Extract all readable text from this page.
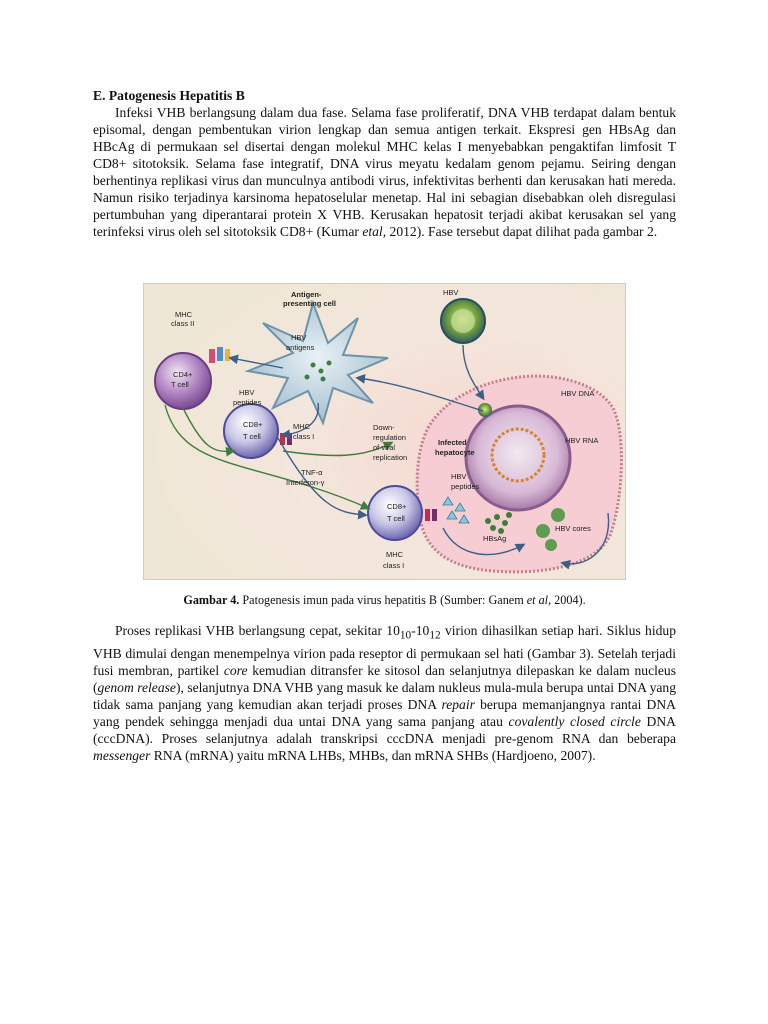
E. Patogenesis Hepatitis B

Infeksi VHB berlangsung dalam dua fase. Selama fase proliferatif, DNA VHB terdapat dalam bentuk episomal, dengan pembentukan virion lengkap dan semua antigen terkait. Ekspresi gen HBsAg dan HBcAg di permukaan sel disertai dengan molekul MHC kelas I menyebabkan pengaktifan limfosit T CD8+ sitotoksik. Selama fase integratif, DNA virus meyatu kedalam genom pejamu. Seiring dengan berhentinya replikasi virus dan munculnya antibodi virus, infektivitas berhenti dan kerusakan hati mereda. Namun risiko terjadinya karsinoma hepatoselular menetap. Hal ini sebagian disebabkan oleh disregulasi pertumbuhan yang diperantarai protein X VHB. Kerusakan hepatosit terjadi akibat kerusakan sel yang terinfeksi virus oleh sel sitotoksik CD8+ (Kumar etal, 2012). Fase tersebut dapat dilihat pada gambar 2.

Antigen-
presenting cell
MHC
class II
CD4+
T cell
HBV
antigens
HBV
peptides
CD8+
T cell
MHC
class I
Down-
regulation
of viral
replication
Infected
hepatocyte
HBV
HBV DNA
HBV RNA
HBV
peptides
HBsAg
HBV cores
TNF-α
Interferon-γ
CD8+
T cell
MHC
class I

Gambar 4. Patogenesis imun pada virus hepatitis B (Sumber: Ganem et al, 2004).

Proses replikasi VHB berlangsung cepat, sekitar $10_{10}-10_{12}$ virion dihasilkan setiap hari. Siklus hidup VHB dimulai dengan menempelnya virion pada reseptor di permukaan sel hati (Gambar 3). Setelah terjadi fusi membran, partikel core kemudian ditransfer ke sitosol dan selanjutnya dilepaskan ke dalam nucleus (genom release), selanjutnya DNA VHB yang masuk ke dalam nukleus mula-mula berupa untai DNA yang tidak sama panjang yang kemudian akan terjadi proses DNA repair berupa memanjangnya rantai DNA yang pendek sehingga menjadi dua untai DNA yang sama panjang atau covalently closed circle DNA (cccDNA). Proses selanjutnya adalah transkripsi cccDNA menjadi pre-genom RNA dan beberapa messenger RNA (mRNA) yaitu mRNA LHBs, MHBs, dan mRNA SHBs (Hardjoeno, 2007).
